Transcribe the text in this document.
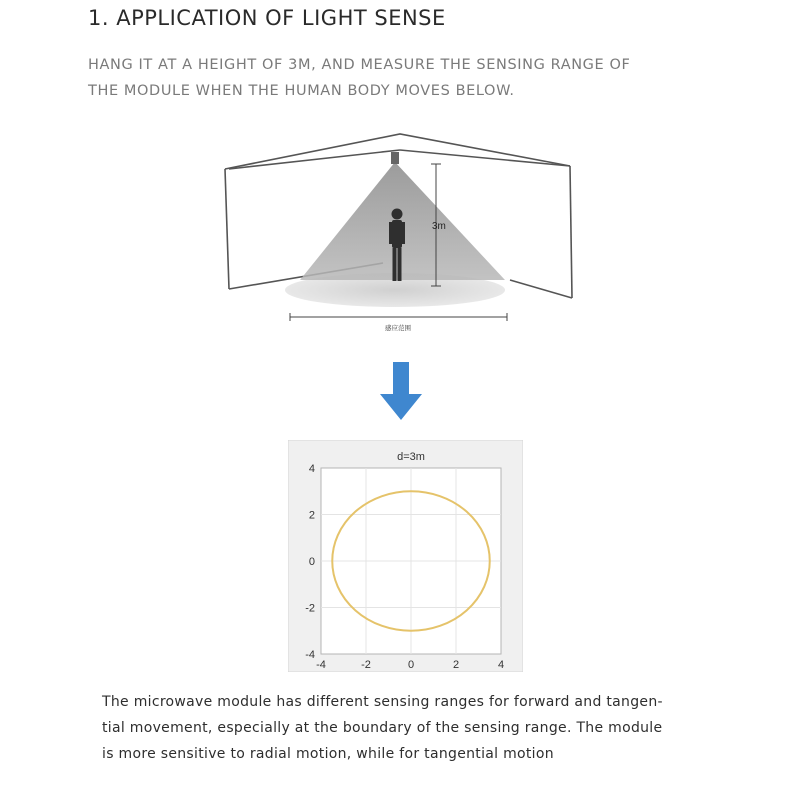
1. APPLICATION OF LIGHT SENSE

HANG IT AT A HEIGHT OF 3M, AND MEASURE THE SENSING RANGE OF
THE MODULE WHEN THE HUMAN BODY MOVES BELOW.

3m
感应范围
-4	-2	0	2	4
4
2
0
-2
-4
d=3m

The microwave module has different sensing ranges for forward and tangen-
tial movement, especially at the boundary of the sensing range. The module
is more sensitive to radial motion, while for tangential motion
